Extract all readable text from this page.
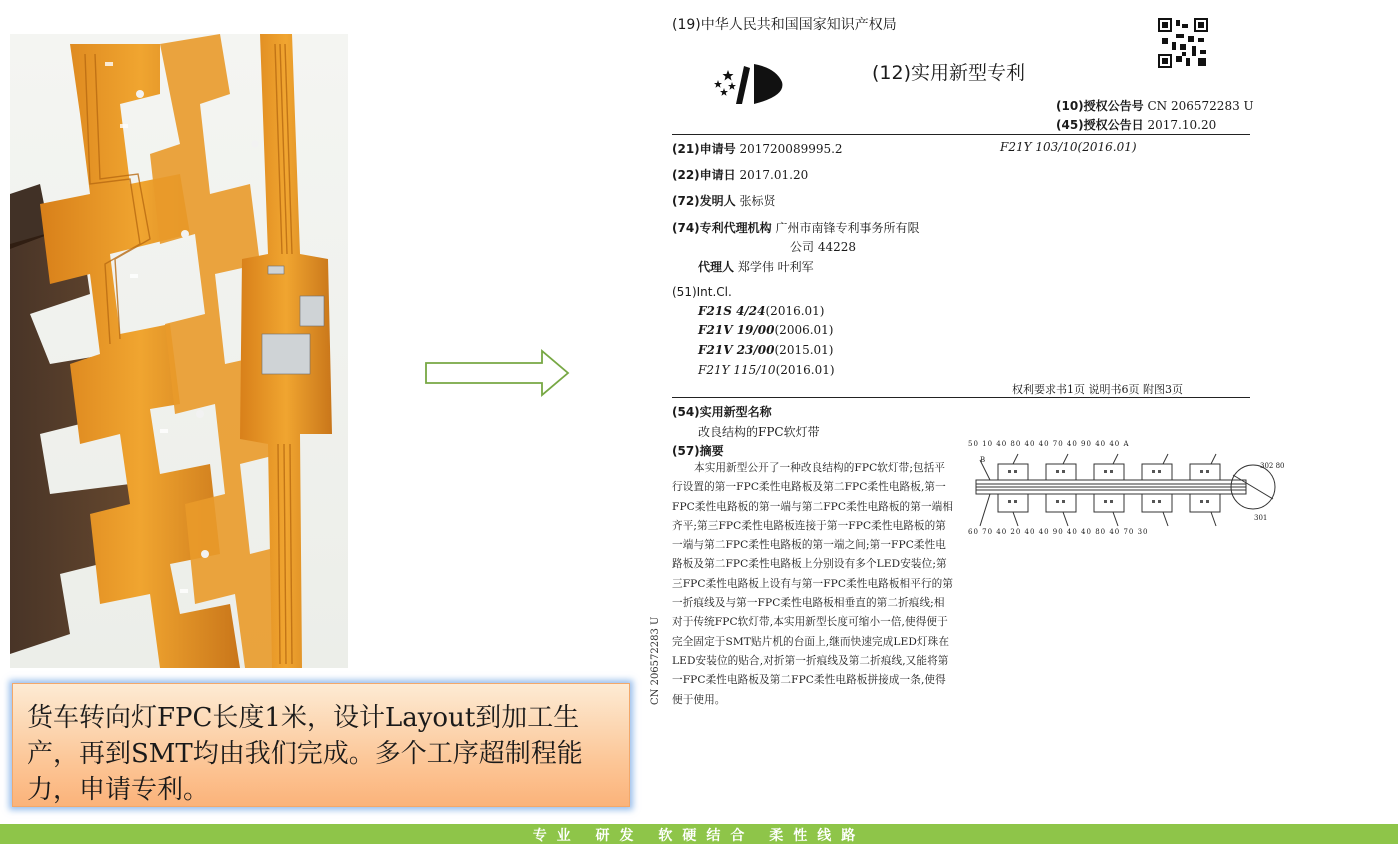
货车转向灯FPC长度1米，设计Layout到加工生产，再到SMT均由我们完成。多个工序超制程能力，申请专利。
(19)中华人民共和国国家知识产权局
(12)实用新型专利
(10)授权公告号 CN 206572283 U
(45)授权公告日 2017.10.20
(21)申请号 201720089995.2	F21Y 103/10(2016.01)
(22)申请日 2017.01.20
(72)发明人 张标贤
(74)专利代理机构 广州市南锋专利事务所有限
公司 44228
代理人 郑学伟 叶利军
(51)Int.Cl.
F21S 4/24(2016.01)
F21V 19/00(2006.01)
F21V 23/00(2015.01)
F21Y 115/10(2016.01)
权利要求书1页 说明书6页 附图3页
(54)实用新型名称
改良结构的FPC软灯带
(57)摘要
本实用新型公开了一种改良结构的FPC软灯带;包括平行设置的第一FPC柔性电路板及第二FPC柔性电路板,第一FPC柔性电路板的第一端与第二FPC柔性电路板的第一端相齐平;第三FPC柔性电路板连接于第一FPC柔性电路板的第一端与第二FPC柔性电路板的第一端之间;第一FPC柔性电路板及第二FPC柔性电路板上分别设有多个LED安装位;第三FPC柔性电路板上设有与第一FPC柔性电路板相平行的第一折痕线及与第一FPC柔性电路板相垂直的第二折痕线;相对于传统FPC软灯带,本实用新型长度可缩小一倍,使得便于完全固定于SMT贴片机的台面上,继而快速完成LED灯珠在LED安装位的贴合,对折第一折痕线及第二折痕线,又能将第一FPC柔性电路板及第二FPC柔性电路板拼接成一条,使得便于使用。
CN 206572283 U
50 10 40 80 40 40 70 40 90 40 40 A
60 70 40 20 40 40 90 40 40 80 40 70 30
302 80
301
B
专业 研发 软硬结合 柔性线路
